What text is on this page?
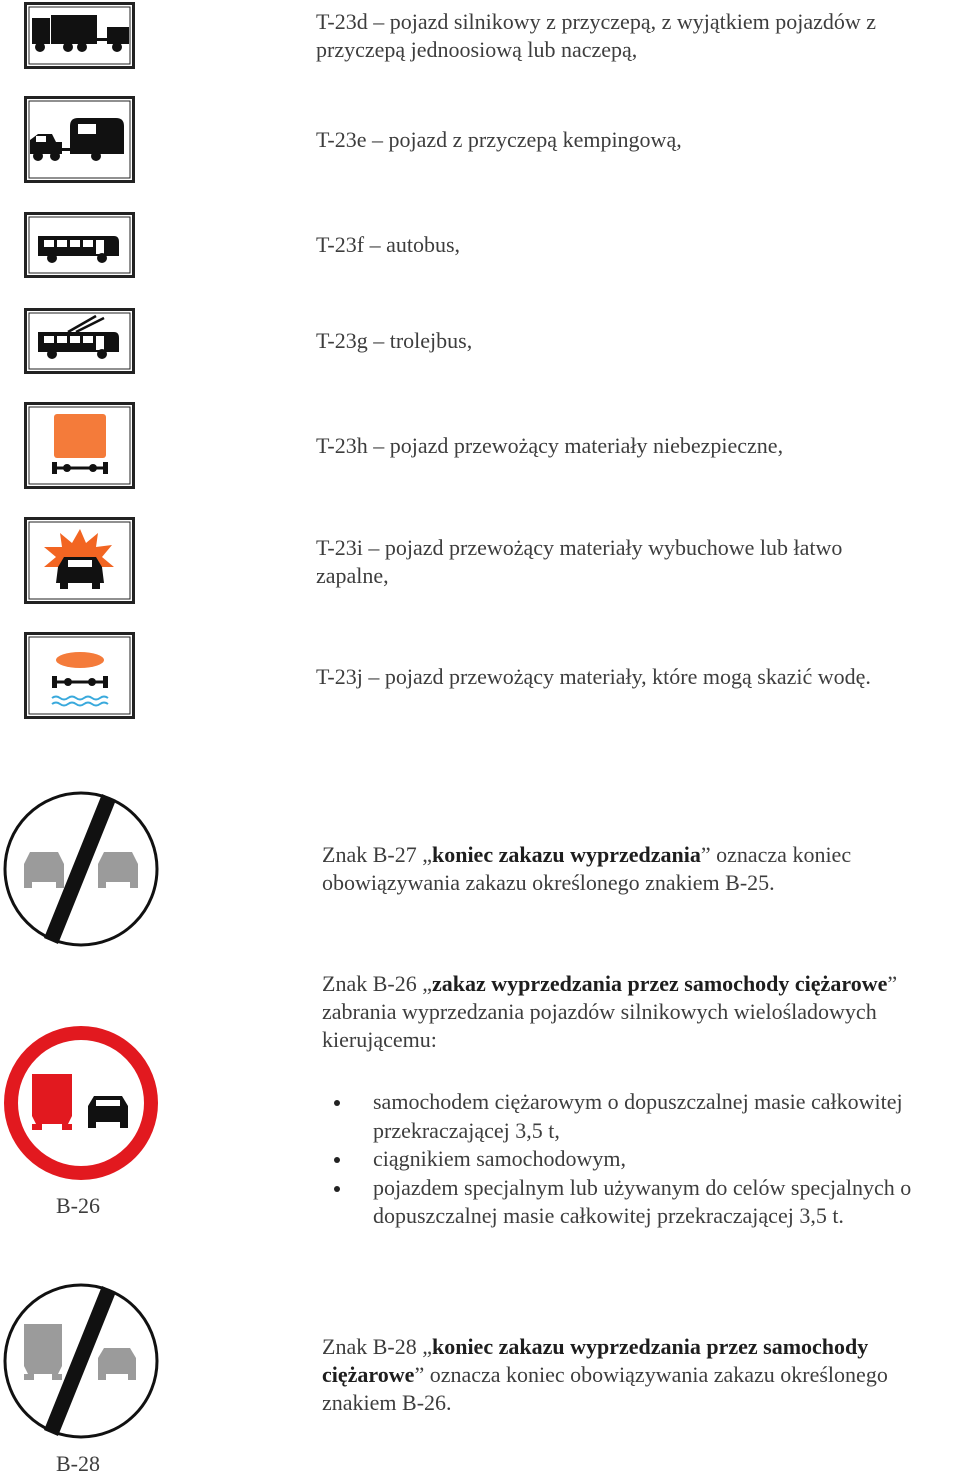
T-23d – pojazd silnikowy z przyczepą, z wyjątkiem pojazdów z przyczepą jednoosiową lub naczepą,
T-23e – pojazd z przyczepą kempingową,
T-23f – autobus,
T-23g – trolejbus,
T-23h – pojazd przewożący materiały niebezpieczne,
T-23i – pojazd przewożący materiały wybuchowe lub łatwo zapalne,
T-23j – pojazd przewożący materiały, które mogą skazić wodę.
Znak B-27 „koniec zakazu wyprzedzania” oznacza koniec obowiązywania zakazu określonego znakiem B-25.
B-26
Znak B-26 „zakaz wyprzedzania przez samochody ciężarowe” zabrania wyprzedzania pojazdów silnikowych wielośladowych kierującemu:
samochodem ciężarowym o dopuszczalnej masie całkowitej przekraczającej 3,5 t,
ciągnikiem samochodowym,
pojazdem specjalnym lub używanym do celów specjalnych o dopuszczalnej masie całkowitej przekraczającej 3,5 t.
B-28
Znak B-28 „koniec zakazu wyprzedzania przez samochody ciężarowe” oznacza koniec obowiązywania zakazu określonego znakiem B-26.
